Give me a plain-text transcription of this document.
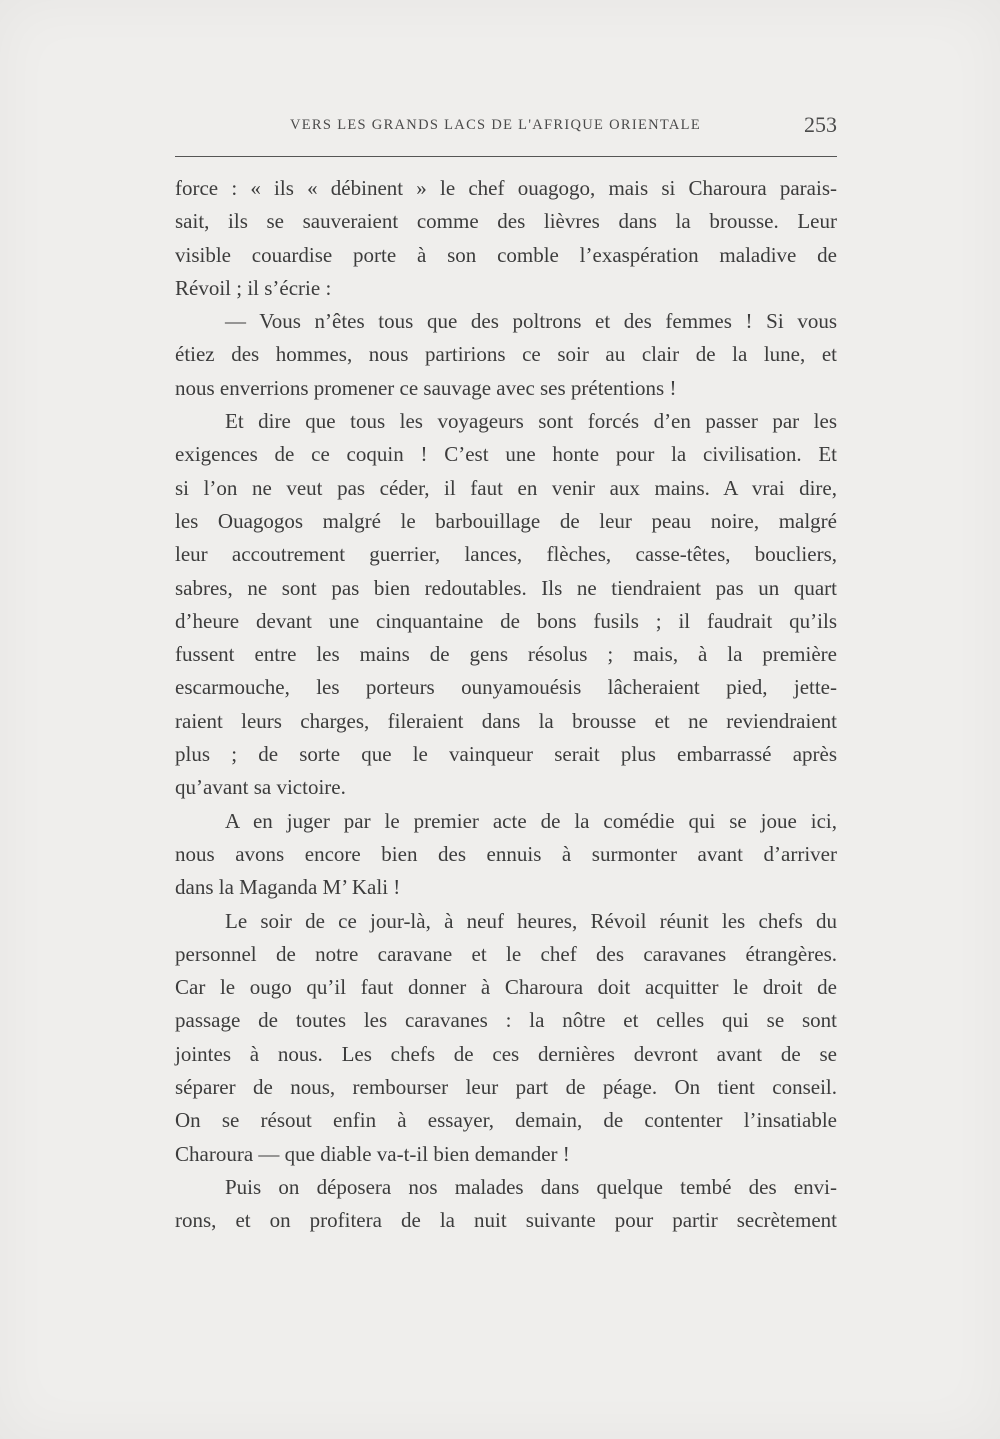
VERS LES GRANDS LACS DE L'AFRIQUE ORIENTALE	253
force : « ils « débinent » le chef ouagogo, mais si Charoura parais-
sait, ils se sauveraient comme des lièvres dans la brousse. Leur
visible couardise porte à son comble l’exaspération maladive de
Révoil ; il s’écrie :
— Vous n’êtes tous que des poltrons et des femmes ! Si vous
étiez des hommes, nous partirions ce soir au clair de la lune, et
nous enverrions promener ce sauvage avec ses prétentions !
Et dire que tous les voyageurs sont forcés d’en passer par les
exigences de ce coquin ! C’est une honte pour la civilisation. Et
si l’on ne veut pas céder, il faut en venir aux mains. A vrai dire,
les Ouagogos malgré le barbouillage de leur peau noire, malgré
leur accoutrement guerrier, lances, flèches, casse-têtes, boucliers,
sabres, ne sont pas bien redoutables. Ils ne tiendraient pas un quart
d’heure devant une cinquantaine de bons fusils ; il faudrait qu’ils
fussent entre les mains de gens résolus ; mais, à la première
escarmouche, les porteurs ounyamouésis lâcheraient pied, jette-
raient leurs charges, fileraient dans la brousse et ne reviendraient
plus ; de sorte que le vainqueur serait plus embarrassé après
qu’avant sa victoire.
A en juger par le premier acte de la comédie qui se joue ici,
nous avons encore bien des ennuis à surmonter avant d’arriver
dans la Maganda M’ Kali !
Le soir de ce jour-là, à neuf heures, Révoil réunit les chefs du
personnel de notre caravane et le chef des caravanes étrangères.
Car le ougo qu’il faut donner à Charoura doit acquitter le droit de
passage de toutes les caravanes : la nôtre et celles qui se sont
jointes à nous. Les chefs de ces dernières devront avant de se
séparer de nous, rembourser leur part de péage. On tient conseil.
On se résout enfin à essayer, demain, de contenter l’insatiable
Charoura — que diable va-t-il bien demander !
Puis on déposera nos malades dans quelque tembé des envi-
rons, et on profitera de la nuit suivante pour partir secrètement
